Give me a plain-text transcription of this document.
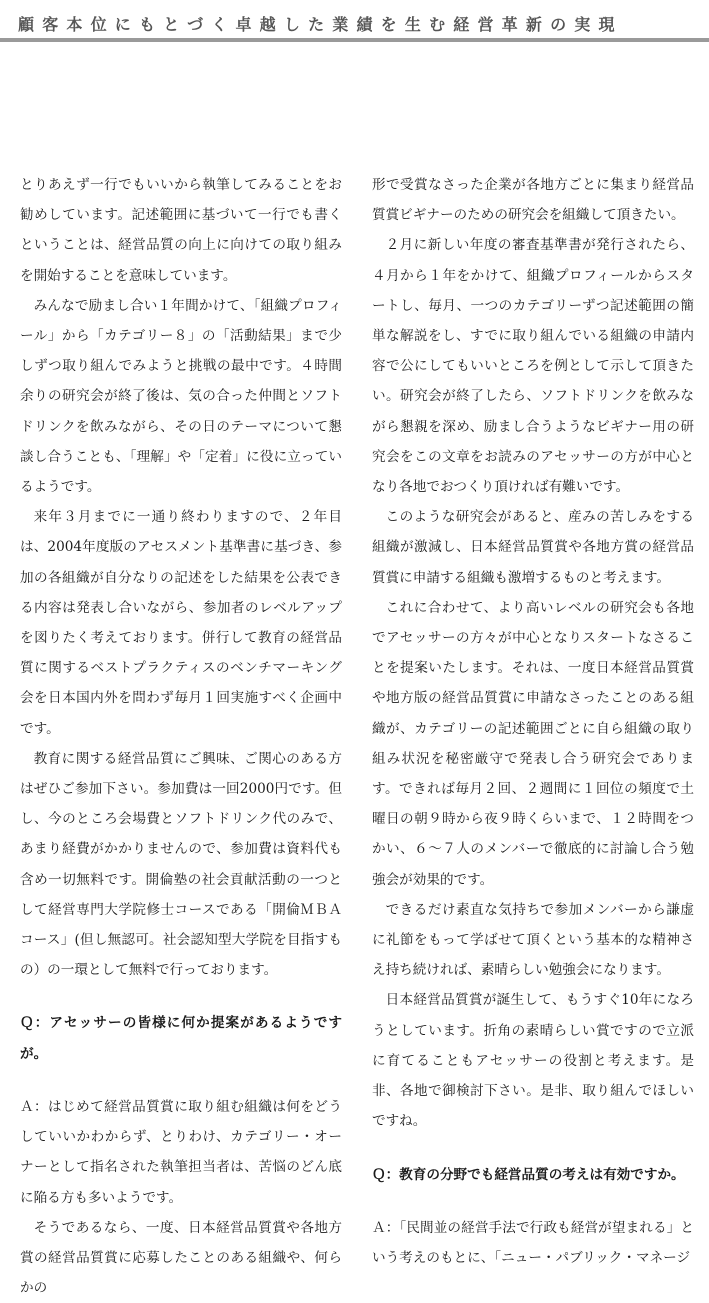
顧客本位にもとづく卓越した業績を生む経営革新の実現

とりあえず一行でもいいから執筆してみることをお勧めしています。記述範囲に基づいて一行でも書くということは、経営品質の向上に向けての取り組みを開始することを意味しています。

みんなで励まし合い１年間かけて、「組織プロフィール」から「カテゴリー８」の「活動結果」まで少しずつ取り組んでみようと挑戦の最中です。４時間余りの研究会が終了後は、気の合った仲間とソフトドリンクを飲みながら、その日のテーマについて懇談し合うことも、「理解」や「定着」に役に立っているようです。

来年３月までに一通り終わりますので、２年目は、2004年度版のアセスメント基準書に基づき、参加の各組織が自分なりの記述をした結果を公表できる内容は発表し合いながら、参加者のレベルアップを図りたく考えております。併行して教育の経営品質に関するベストプラクティスのベンチマーキング会を日本国内外を問わず毎月１回実施すべく企画中です。

教育に関する経営品質にご興味、ご関心のある方はぜひご参加下さい。参加費は一回2000円です。但し、今のところ会場費とソフトドリンク代のみで、あまり経費がかかりませんので、参加費は資料代も含め一切無料です。開倫塾の社会貢献活動の一つとして経営専門大学院修士コースである「開倫ＭＢＡコース」(但し無認可。社会認知型大学院を目指すもの）の一環として無料で行っております。

Ｑ：アセッサーの皆様に何か提案があるようですが。

Ａ：はじめて経営品質賞に取り組む組織は何をどうしていいかわからず、とりわけ、カテゴリー・オーナーとして指名された執筆担当者は、苦悩のどん底に陥る方も多いようです。

そうであるなら、一度、日本経営品質賞や各地方賞の経営品質賞に応募したことのある組織や、何らかの

形で受賞なさった企業が各地方ごとに集まり経営品質賞ビギナーのための研究会を組織して頂きたい。

２月に新しい年度の審査基準書が発行されたら、４月から１年をかけて、組織プロフィールからスタートし、毎月、一つのカテゴリーずつ記述範囲の簡単な解説をし、すでに取り組んでいる組織の申請内容で公にしてもいいところを例として示して頂きたい。研究会が終了したら、ソフトドリンクを飲みながら懇親を深め、励まし合うようなビギナー用の研究会をこの文章をお読みのアセッサーの方が中心となり各地でおつくり頂ければ有難いです。

このような研究会があると、産みの苦しみをする組織が激減し、日本経営品質賞や各地方賞の経営品質賞に申請する組織も激増するものと考えます。

これに合わせて、より高いレベルの研究会も各地でアセッサーの方々が中心となりスタートなさることを提案いたします。それは、一度日本経営品質賞や地方版の経営品質賞に申請なさったことのある組織が、カテゴリーの記述範囲ごとに自ら組織の取り組み状況を秘密厳守で発表し合う研究会であります。できれば毎月２回、２週間に１回位の頻度で土曜日の朝９時から夜９時くらいまで、１２時間をつかい、６～７人のメンバーで徹底的に討論し合う勉強会が効果的です。

できるだけ素直な気持ちで参加メンバーから謙虚に礼節をもって学ばせて頂くという基本的な精神さえ持ち続ければ、素晴らしい勉強会になります。

日本経営品質賞が誕生して、もうすぐ10年になろうとしています。折角の素晴らしい賞ですので立派に育てることもアセッサーの役割と考えます。是非、各地で御検討下さい。是非、取り組んでほしいですね。

Ｑ：教育の分野でも経営品質の考えは有効ですか。

Ａ：「民間並の経営手法で行政も経営が望まれる」という考えのもとに、「ニュー・パブリック・マネージ
